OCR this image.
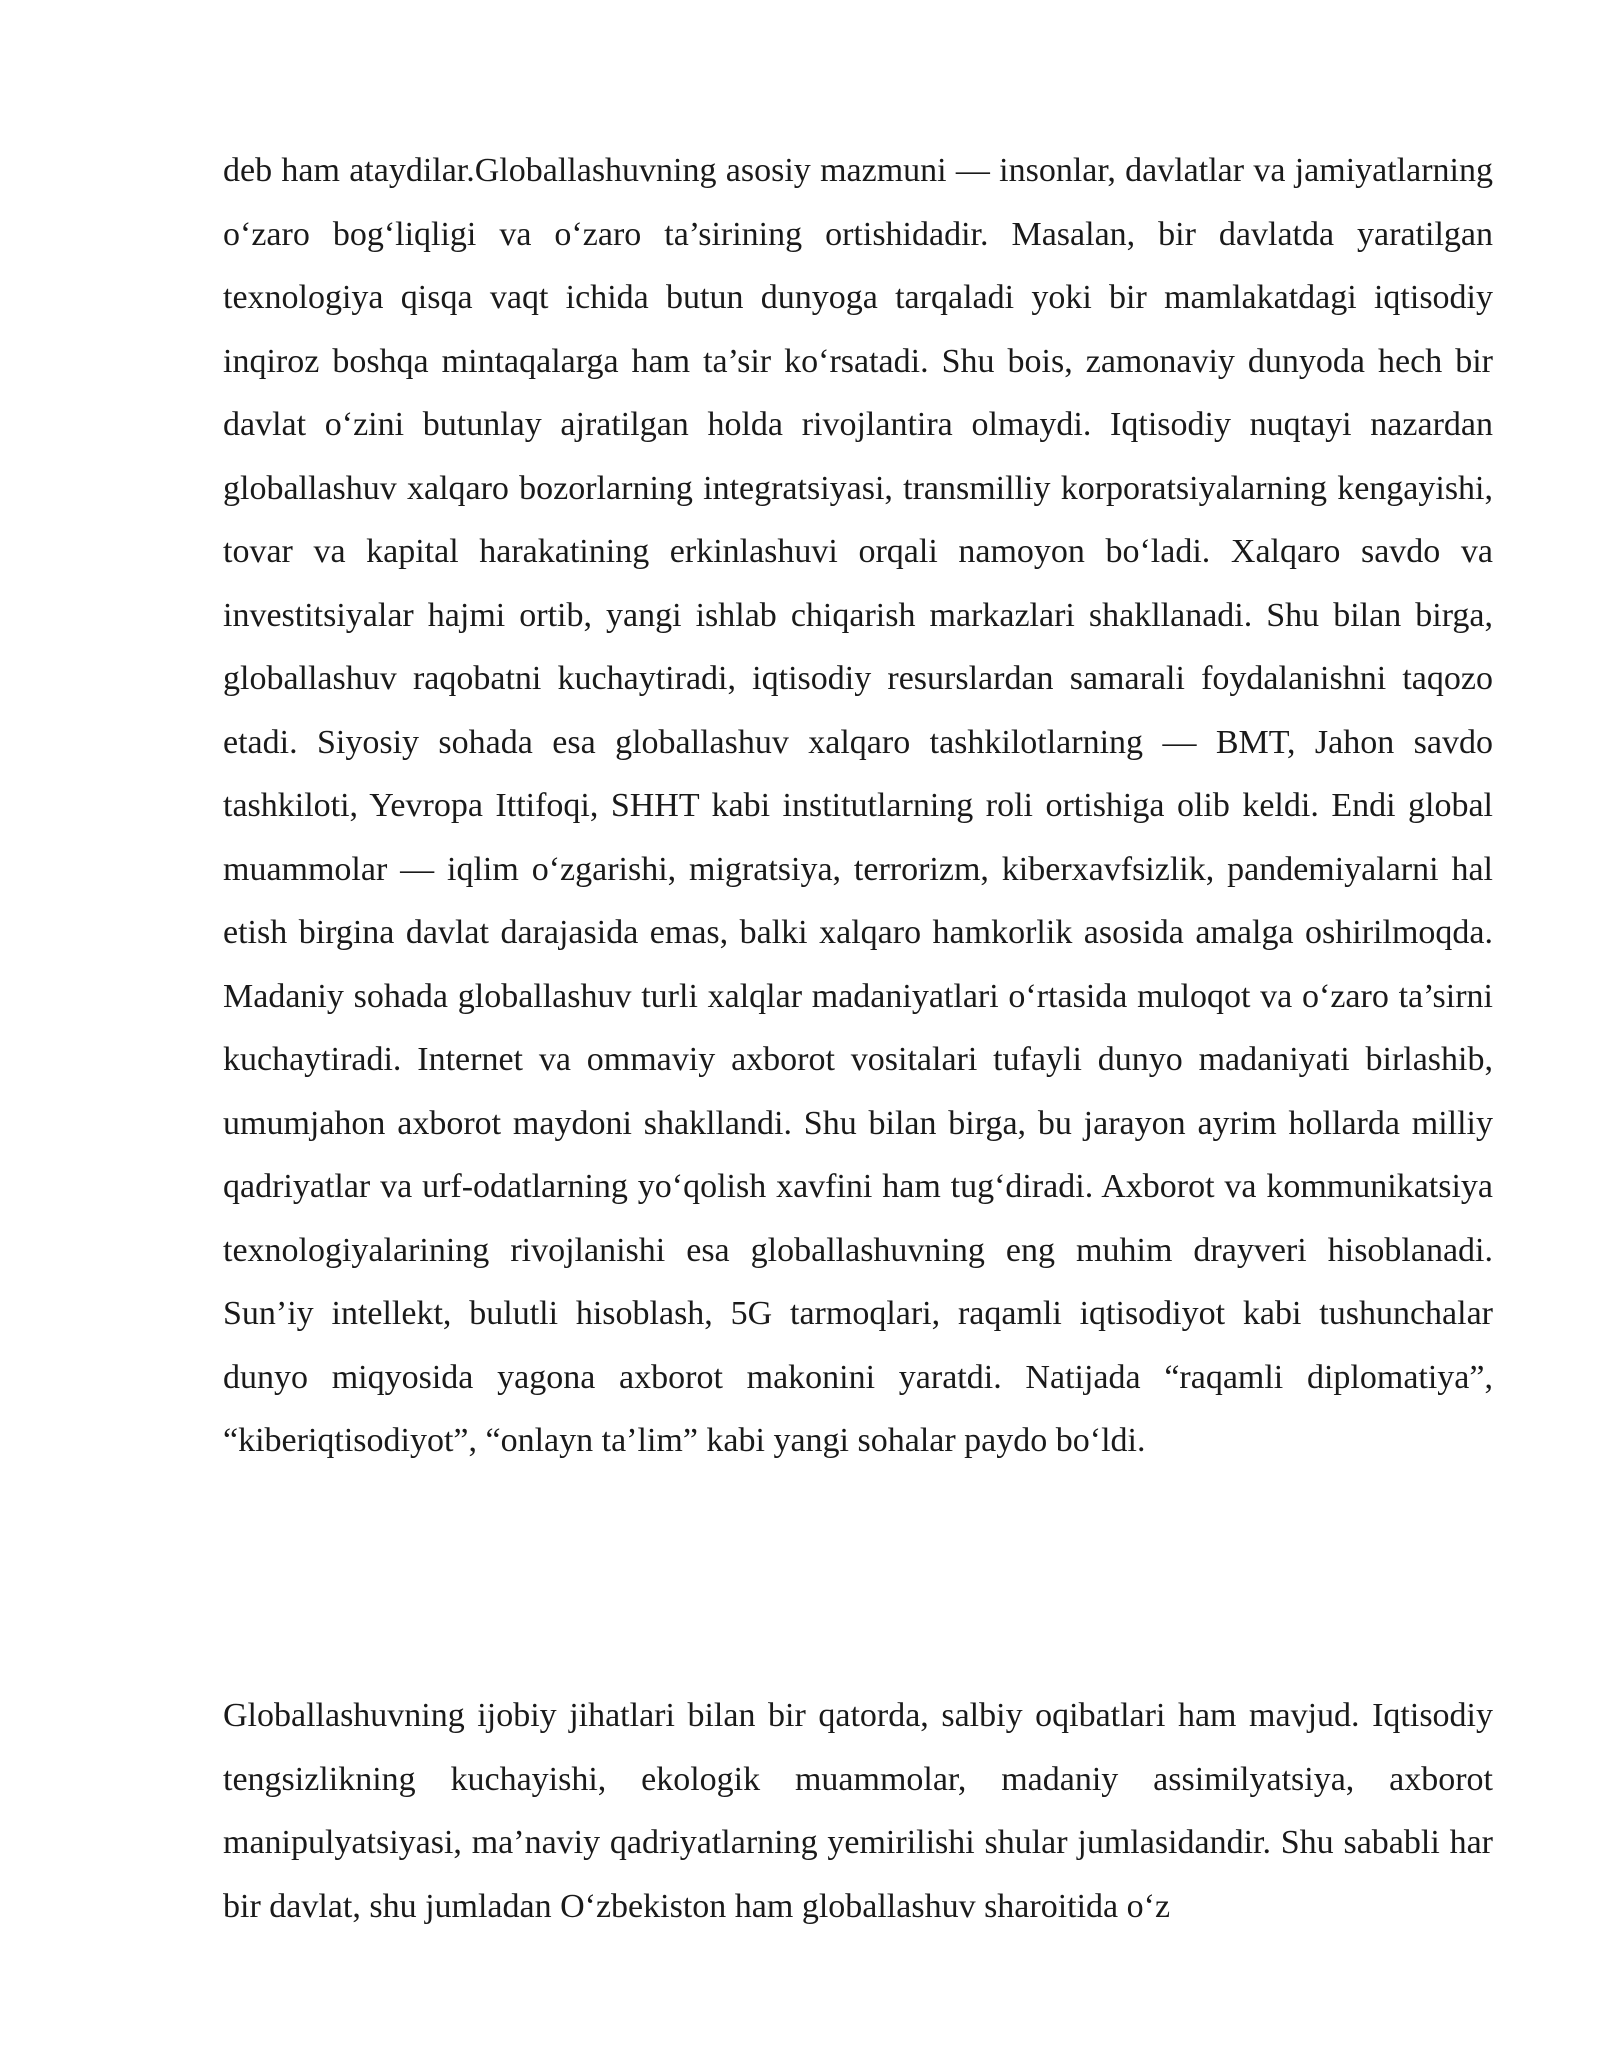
deb ham ataydilar.Globallashuvning asosiy mazmuni — insonlar, davlatlar va jamiyatlarning o‘zaro bog‘liqligi va o‘zaro ta’sirining ortishidadir. Masalan, bir davlatda yaratilgan texnologiya qisqa vaqt ichida butun dunyoga tarqaladi yoki bir mamlakatdagi iqtisodiy inqiroz boshqa mintaqalarga ham ta’sir ko‘rsatadi. Shu bois, zamonaviy dunyoda hech bir davlat o‘zini butunlay ajratilgan holda rivojlantira olmaydi. Iqtisodiy nuqtayi nazardan globallashuv xalqaro bozorlarning integratsiyasi, transmilliy korporatsiyalarning kengayishi, tovar va kapital harakatining erkinlashuvi orqali namoyon bo‘ladi. Xalqaro savdo va investitsiyalar hajmi ortib, yangi ishlab chiqarish markazlari shakllanadi. Shu bilan birga, globallashuv raqobatni kuchaytiradi, iqtisodiy resurslardan samarali foydalanishni taqozo etadi. Siyosiy sohada esa globallashuv xalqaro tashkilotlarning — BMT, Jahon savdo tashkiloti, Yevropa Ittifoqi, SHHT kabi institutlarning roli ortishiga olib keldi. Endi global muammolar — iqlim o‘zgarishi, migratsiya, terrorizm, kiberxavfsizlik, pandemiyalarni hal etish birgina davlat darajasida emas, balki xalqaro hamkorlik asosida amalga oshirilmoqda. Madaniy sohada globallashuv turli xalqlar madaniyatlari o‘rtasida muloqot va o‘zaro ta’sirni kuchaytiradi. Internet va ommaviy axborot vositalari tufayli dunyo madaniyati birlashib, umumjahon axborot maydoni shakllandi. Shu bilan birga, bu jarayon ayrim hollarda milliy qadriyatlar va urf-odatlarning yo‘qolish xavfini ham tug‘diradi. Axborot va kommunikatsiya texnologiyalarining rivojlanishi esa globallashuvning eng muhim drayveri hisoblanadi. Sun’iy intellekt, bulutli hisoblash, 5G tarmoqlari, raqamli iqtisodiyot kabi tushunchalar dunyo miqyosida yagona axborot makonini yaratdi. Natijada “raqamli diplomatiya”, “kiberiqtisodiyot”, “onlayn ta’lim” kabi yangi sohalar paydo bo‘ldi.

Globallashuvning ijobiy jihatlari bilan bir qatorda, salbiy oqibatlari ham mavjud. Iqtisodiy tengsizlikning kuchayishi, ekologik muammolar, madaniy assimilyatsiya, axborot manipulyatsiyasi, ma’naviy qadriyatlarning yemirilishi shular jumlasidandir. Shu sababli har bir davlat, shu jumladan O‘zbekiston ham globallashuv sharoitida o‘z
